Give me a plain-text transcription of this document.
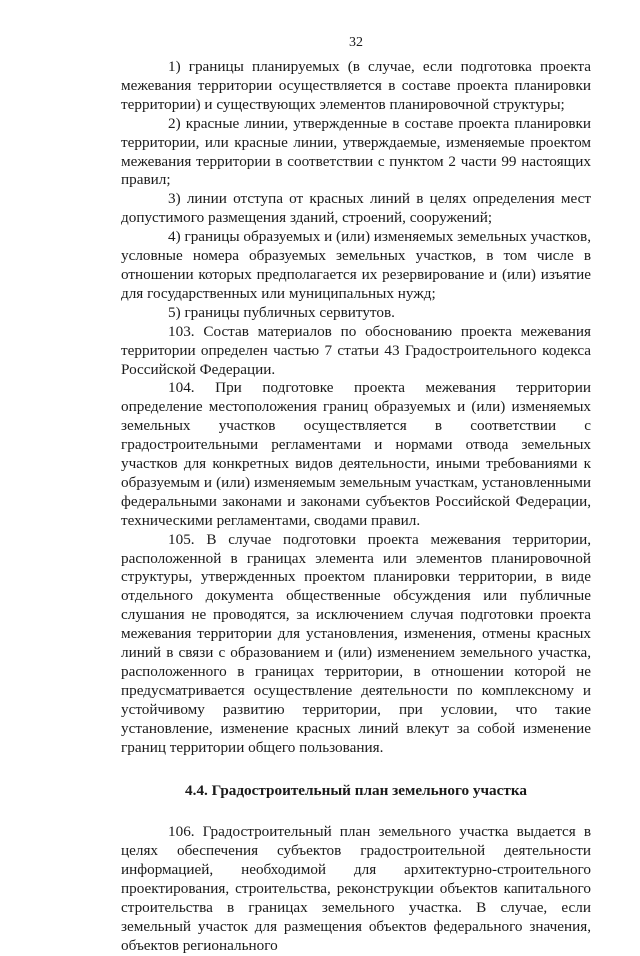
32

1) границы планируемых (в случае, если подготовка проекта межевания территории осуществляется в составе проекта планировки территории) и существующих элементов планировочной структуры;

2) красные линии, утвержденные в составе проекта планировки территории, или красные линии, утверждаемые, изменяемые проектом межевания территории в соответствии с пунктом 2 части 99 настоящих правил;

3) линии отступа от красных линий в целях определения мест допустимого размещения зданий, строений, сооружений;

4) границы образуемых и (или) изменяемых земельных участков, условные номера образуемых земельных участков, в том числе в отношении которых предполагается их резервирование и (или) изъятие для государственных или муниципальных нужд;

5) границы публичных сервитутов.

103. Состав материалов по обоснованию проекта межевания территории определен частью 7 статьи 43 Градостроительного кодекса Российской Федерации.

104. При подготовке проекта межевания территории определение местоположения границ образуемых и (или) изменяемых земельных участков осуществляется в соответствии с градостроительными регламентами и нормами отвода земельных участков для конкретных видов деятельности, иными требованиями к образуемым и (или) изменяемым земельным участкам, установленными федеральными законами и законами субъектов Российской Федерации, техническими регламентами, сводами правил.

105. В случае подготовки проекта межевания территории, расположенной в границах элемента или элементов планировочной структуры, утвержденных проектом планировки территории, в виде отдельного документа общественные обсуждения или публичные слушания не проводятся, за исключением случая подготовки проекта межевания территории для установления, изменения, отмены красных линий в связи с образованием и (или) изменением земельного участка, расположенного в границах территории, в отношении которой не предусматривается осуществление деятельности по комплексному и устойчивому развитию территории, при условии, что такие установление, изменение красных линий влекут за собой изменение границ территории общего пользования.

4.4. Градостроительный план земельного участка

106. Градостроительный план земельного участка выдается в целях обеспечения субъектов градостроительной деятельности информацией, необходимой для архитектурно-строительного проектирования, строительства, реконструкции объектов капитального строительства в границах земельного участка. В случае, если земельный участок для размещения объектов федерального значения, объектов регионального
